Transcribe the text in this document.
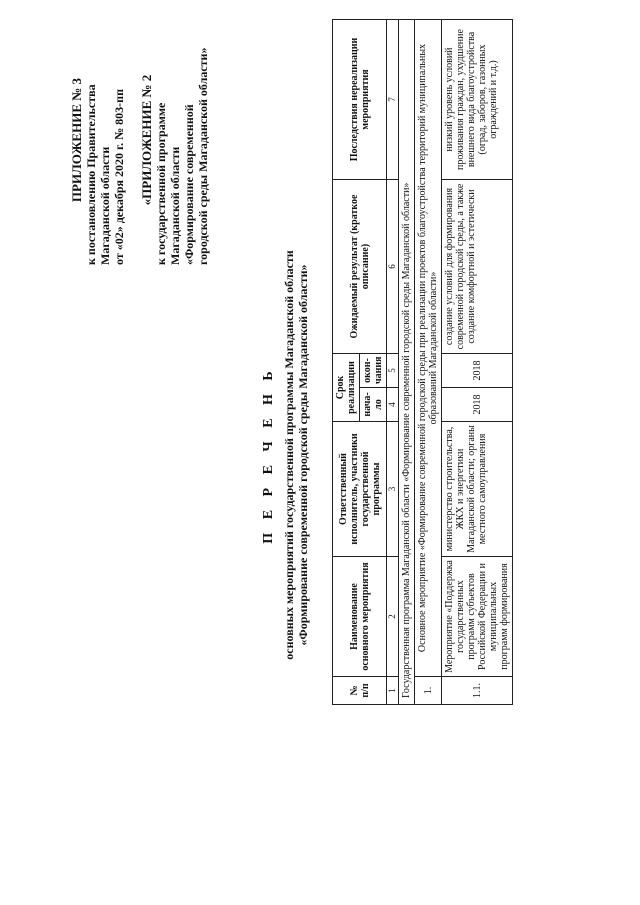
ПРИЛОЖЕНИЕ № 3 к постановлению Правительства Магаданской области от «02» декабря 2020 г. № 803-пп «ПРИЛОЖЕНИЕ № 2 к государственной программе Магаданской области «Формирование современной городской среды Магаданской области»
П Е Р Е Ч Е Н Ь основных мероприятий государственной программы Магаданской области «Формирование современной городской среды Магаданской области»
№ п/п	Наименование основного мероприятия	Ответственный исполнитель, участники государственной программы	Срок реализации		Ожидаемый результат (краткое описание)	Последствия нереализации мероприятия
			нача-ло	окон-чания		
1	2	3	4	5	6	7
Государственная программа Магаданской области «Формирование современной городской среды Магаданской области»						
1.	Основное мероприятие «Формирование современной городской среды при реализации проектов благоустройства территорий муниципальных образований Магаданской области»					
1.1.	Мероприятие «Поддержка государственных программ субъектов Российской Федерации и муниципальных программ формирования	министерство строительства, ЖКХ и энергетики Магаданской области; органы местного самоуправления	2018	2018	создание условий для формирования современной городской среды, а также создание комфортной и эстетически	низкий уровень условий проживания граждан, ухудшение внешнего вида благоустройства (оград, заборов, газонных ограждений и т.д.)
